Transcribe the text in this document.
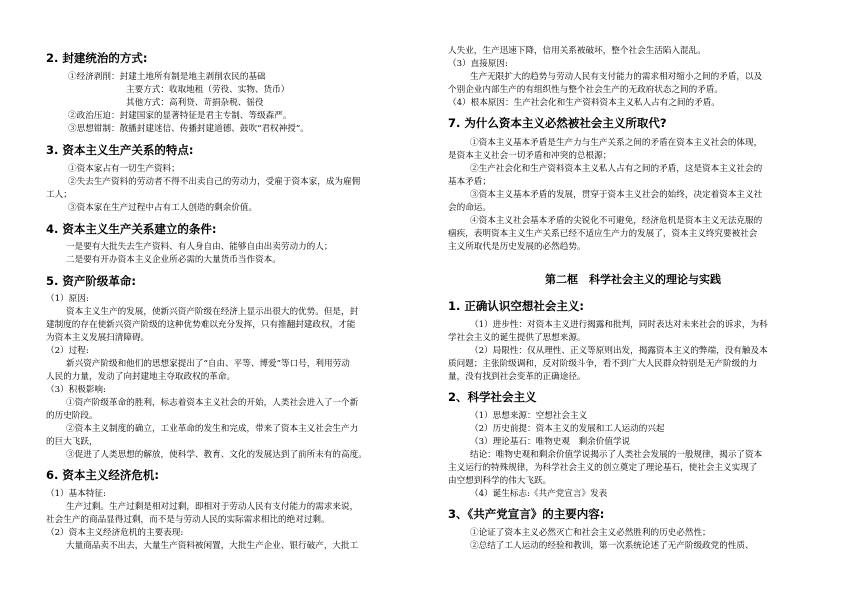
2. 封建统治的方式:
①经济剥削：封建土地所有制是地主剥削农民的基础
主要方式：收取地租（劳役、实物、货币）
其他方式：高利贷、苛捐杂税、徭役
②政治压迫：封建国家的显著特征是君主专制、等级森严。
③思想钳制：散播封建迷信、传播封建道德、鼓吹“君权神授”。
3. 资本主义生产关系的特点:
①资本家占有一切生产资料；
②失去生产资料的劳动者不得不出卖自己的劳动力，受雇于资本家，成为雇佣
工人；
③资本家在生产过程中占有工人创造的剩余价值。
4. 资本主义生产关系建立的条件:
一是要有大批失去生产资料、有人身自由、能够自由出卖劳动力的人；
二是要有开办资本主义企业所必需的大量货币当作资本。
5. 资产阶级革命:
（1）原因:
资本主义生产的发展，使新兴资产阶级在经济上显示出很大的优势。但是，封
建制度的存在使新兴资产阶级的这种优势难以充分发挥，只有推翻封建政权，才能
为资本主义发展扫清障碍。
（2）过程:
新兴资产阶级和他们的思想家提出了“自由、平等、博爱”等口号，利用劳动
人民的力量，发动了向封建地主夺取政权的革命。
（3）积极影响:
①资产阶级革命的胜利，标志着资本主义社会的开始，人类社会进入了一个新
的历史阶段。
②资本主义制度的确立，工业革命的发生和完成，带来了资本主义社会生产力
的巨大飞跃，
③促进了人类思想的解放，使科学、教育、文化的发展达到了前所未有的高度。
6. 资本主义经济危机:
（1）基本特征:
生产过剩。生产过剩是相对过剩，即相对于劳动人民有支付能力的需求来说，
社会生产的商品显得过剩，而不是与劳动人民的实际需求相比的绝对过剩。
（2）资本主义经济危机的主要表现:
大量商品卖不出去，大量生产资料被闲置，大批生产企业、银行破产，大批工
人失业，生产迅速下降，信用关系被破坏，整个社会生活陷入混乱。
（3）直接原因:
生产无限扩大的趋势与劳动人民有支付能力的需求相对缩小之间的矛盾，以及
个别企业内部生产的有组织性与整个社会生产的无政府状态之间的矛盾。
（4）根本原因：生产社会化和生产资料资本主义私人占有之间的矛盾。
7. 为什么资本主义必然被社会主义所取代?
①资本主义基本矛盾是生产力与生产关系之间的矛盾在资本主义社会的体现，
是资本主义社会一切矛盾和冲突的总根源；
②生产社会化和生产资料资本主义私人占有之间的矛盾，这是资本主义社会的
基本矛盾；
③资本主义基本矛盾的发展，贯穿于资本主义社会的始终，决定着资本主义社
会的命运。
④资本主义社会基本矛盾的尖锐化不可避免，经济危机是资本主义无法克服的
痼疾，表明资本主义生产关系已经不适应生产力的发展了，资本主义终究要被社会
主义所取代是历史发展的必然趋势。
第二框　科学社会主义的理论与实践
1. 正确认识空想社会主义:
（1）进步性：对资本主义进行揭露和批判，同时表达对未来社会的诉求，为科
学社会主义的诞生提供了思想来源。
（2）局限性：仅从理性、正义等原则出发，揭露资本主义的弊端，没有触及本
质问题；主张阶级调和，反对阶级斗争，看不到广大人民群众特别是无产阶级的力
量，没有找到社会变革的正确途径。
2、科学社会主义
（1）思想来源：空想社会主义
（2）历史前提：资本主义的发展和工人运动的兴起
（3）理论基石：唯物史观　剩余价值学说
结论：唯物史观和剩余价值学说揭示了人类社会发展的一般规律，揭示了资本
主义运行的特殊规律，为科学社会主义的创立奠定了理论基石，使社会主义实现了
由空想到科学的伟大飞跃。
（4）诞生标志:《共产党宣言》发表
3、《共产党宣言》的主要内容:
①论证了资本主义必然灭亡和社会主义必然胜利的历史必然性；
②总结了工人运动的经验和教训，第一次系统论述了无产阶级政党的性质、
